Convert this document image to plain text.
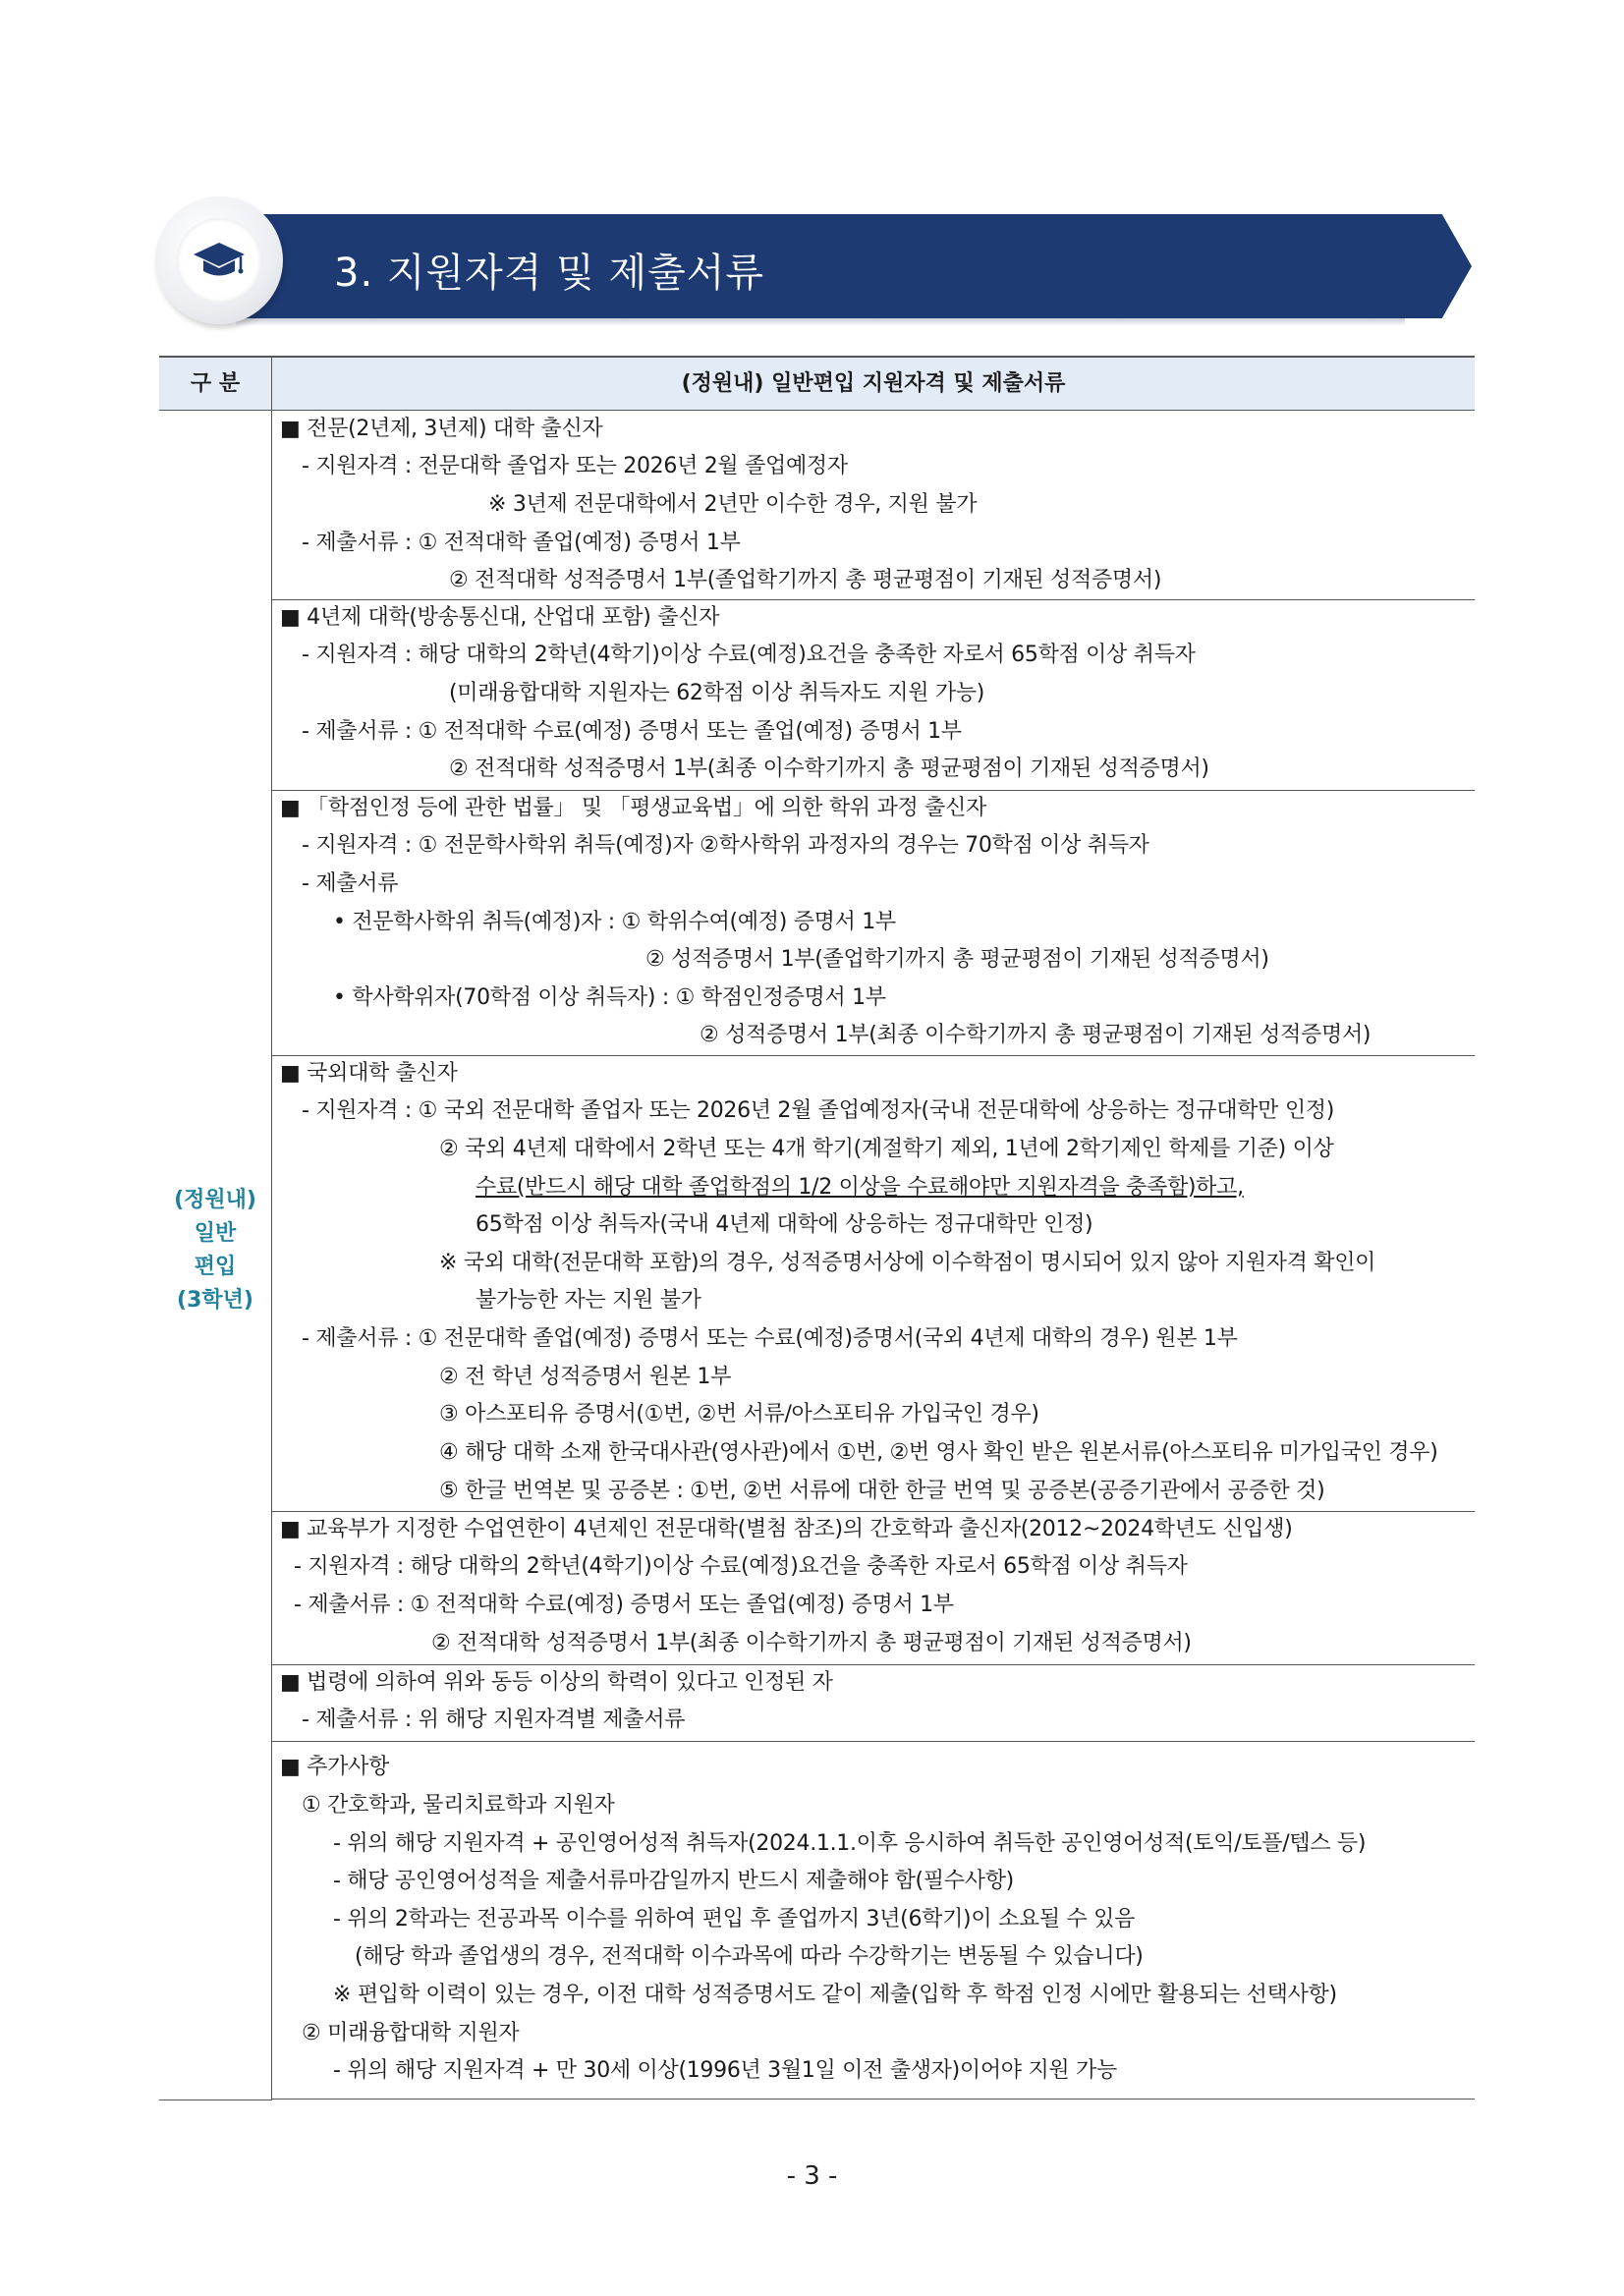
3. 지원자격 및 제출서류
구 분	(정원내) 일반편입 지원자격 및 제출서류
(정원내)
일반
편입
(3학년)
■ 전문(2년제, 3년제) 대학 출신자
- 지원자격 : 전문대학 졸업자 또는 2026년 2월 졸업예정자
※ 3년제 전문대학에서 2년만 이수한 경우, 지원 불가
- 제출서류 : ① 전적대학 졸업(예정) 증명서 1부
② 전적대학 성적증명서 1부(졸업학기까지 총 평균평점이 기재된 성적증명서)
■ 4년제 대학(방송통신대, 산업대 포함) 출신자
- 지원자격 : 해당 대학의 2학년(4학기)이상 수료(예정)요건을 충족한 자로서 65학점 이상 취득자
(미래융합대학 지원자는 62학점 이상 취득자도 지원 가능)
- 제출서류 : ① 전적대학 수료(예정) 증명서 또는 졸업(예정) 증명서 1부
② 전적대학 성적증명서 1부(최종 이수학기까지 총 평균평점이 기재된 성적증명서)
■ 「학점인정 등에 관한 법률」 및 「평생교육법」에 의한 학위 과정 출신자
- 지원자격 : ① 전문학사학위 취득(예정)자 ②학사학위 과정자의 경우는 70학점 이상 취득자
- 제출서류
• 전문학사학위 취득(예정)자 : ① 학위수여(예정) 증명서 1부
② 성적증명서 1부(졸업학기까지 총 평균평점이 기재된 성적증명서)
• 학사학위자(70학점 이상 취득자) : ① 학점인정증명서 1부
② 성적증명서 1부(최종 이수학기까지 총 평균평점이 기재된 성적증명서)
■ 국외대학 출신자
- 지원자격 : ① 국외 전문대학 졸업자 또는 2026년 2월 졸업예정자(국내 전문대학에 상응하는 정규대학만 인정)
② 국외 4년제 대학에서 2학년 또는 4개 학기(계절학기 제외, 1년에 2학기제인 학제를 기준) 이상
수료(반드시 해당 대학 졸업학점의 1/2 이상을 수료해야만 지원자격을 충족함)하고,
65학점 이상 취득자(국내 4년제 대학에 상응하는 정규대학만 인정)
※ 국외 대학(전문대학 포함)의 경우, 성적증명서상에 이수학점이 명시되어 있지 않아 지원자격 확인이
불가능한 자는 지원 불가
- 제출서류 : ① 전문대학 졸업(예정) 증명서 또는 수료(예정)증명서(국외 4년제 대학의 경우) 원본 1부
② 전 학년 성적증명서 원본 1부
③ 아스포티유 증명서(①번, ②번 서류/아스포티유 가입국인 경우)
④ 해당 대학 소재 한국대사관(영사관)에서 ①번, ②번 영사 확인 받은 원본서류(아스포티유 미가입국인 경우)
⑤ 한글 번역본 및 공증본 : ①번, ②번 서류에 대한 한글 번역 및 공증본(공증기관에서 공증한 것)
■ 교육부가 지정한 수업연한이 4년제인 전문대학(별첨 참조)의 간호학과 출신자(2012~2024학년도 신입생)
- 지원자격 : 해당 대학의 2학년(4학기)이상 수료(예정)요건을 충족한 자로서 65학점 이상 취득자
- 제출서류 : ① 전적대학 수료(예정) 증명서 또는 졸업(예정) 증명서 1부
② 전적대학 성적증명서 1부(최종 이수학기까지 총 평균평점이 기재된 성적증명서)
■ 법령에 의하여 위와 동등 이상의 학력이 있다고 인정된 자
- 제출서류 : 위 해당 지원자격별 제출서류
■ 추가사항
① 간호학과, 물리치료학과 지원자
- 위의 해당 지원자격 + 공인영어성적 취득자(2024.1.1.이후 응시하여 취득한 공인영어성적(토익/토플/텝스 등)
- 해당 공인영어성적을 제출서류마감일까지 반드시 제출해야 함(필수사항)
- 위의 2학과는 전공과목 이수를 위하여 편입 후 졸업까지 3년(6학기)이 소요될 수 있음
(해당 학과 졸업생의 경우, 전적대학 이수과목에 따라 수강학기는 변동될 수 있습니다)
※ 편입학 이력이 있는 경우, 이전 대학 성적증명서도 같이 제출(입학 후 학점 인정 시에만 활용되는 선택사항)
② 미래융합대학 지원자
- 위의 해당 지원자격 + 만 30세 이상(1996년 3월1일 이전 출생자)이어야 지원 가능
- 3 -
